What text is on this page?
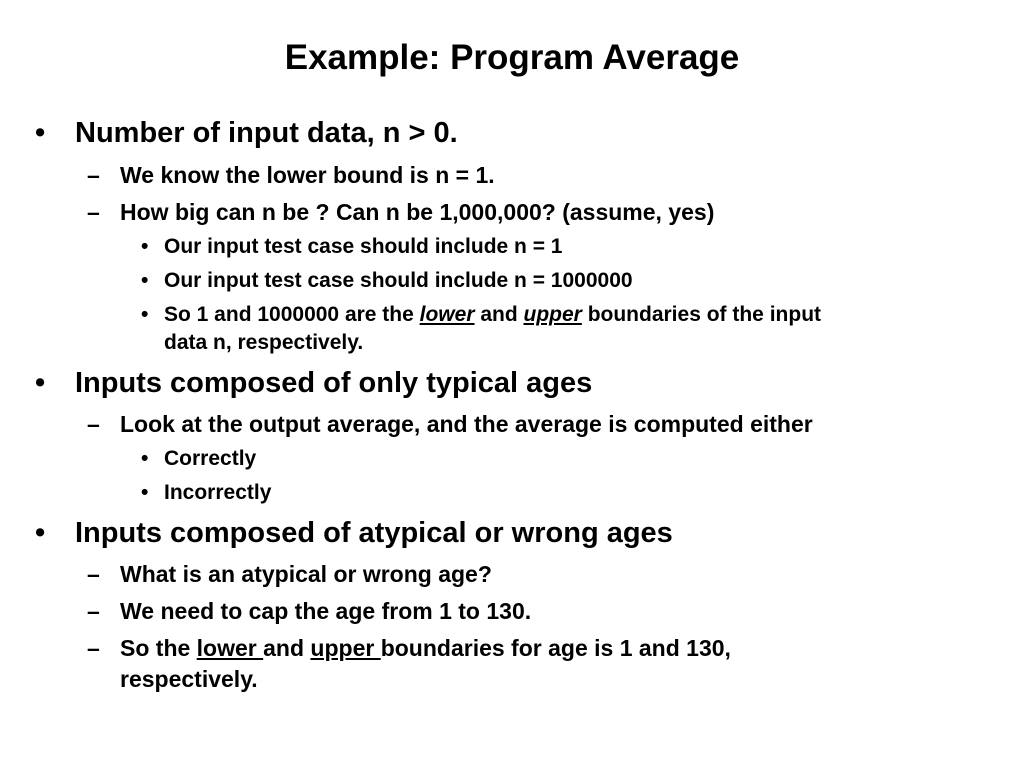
Example: Program Average
• Number of input data, n > 0.
– We know the lower bound is n = 1.
– How big can n be ? Can n be 1,000,000? (assume, yes)
• Our input test case should include n = 1
• Our input test case should include n = 1000000
• So 1 and 1000000 are the lower and upper boundaries of the input
data n, respectively.
• Inputs composed of only typical ages
– Look at the output average, and the average is computed either
• Correctly
• Incorrectly
• Inputs composed of atypical or wrong ages
– What is an atypical or wrong age?
– We need to cap the age from 1 to 130.
– So the lower and upper boundaries for age is 1 and 130,
respectively.
